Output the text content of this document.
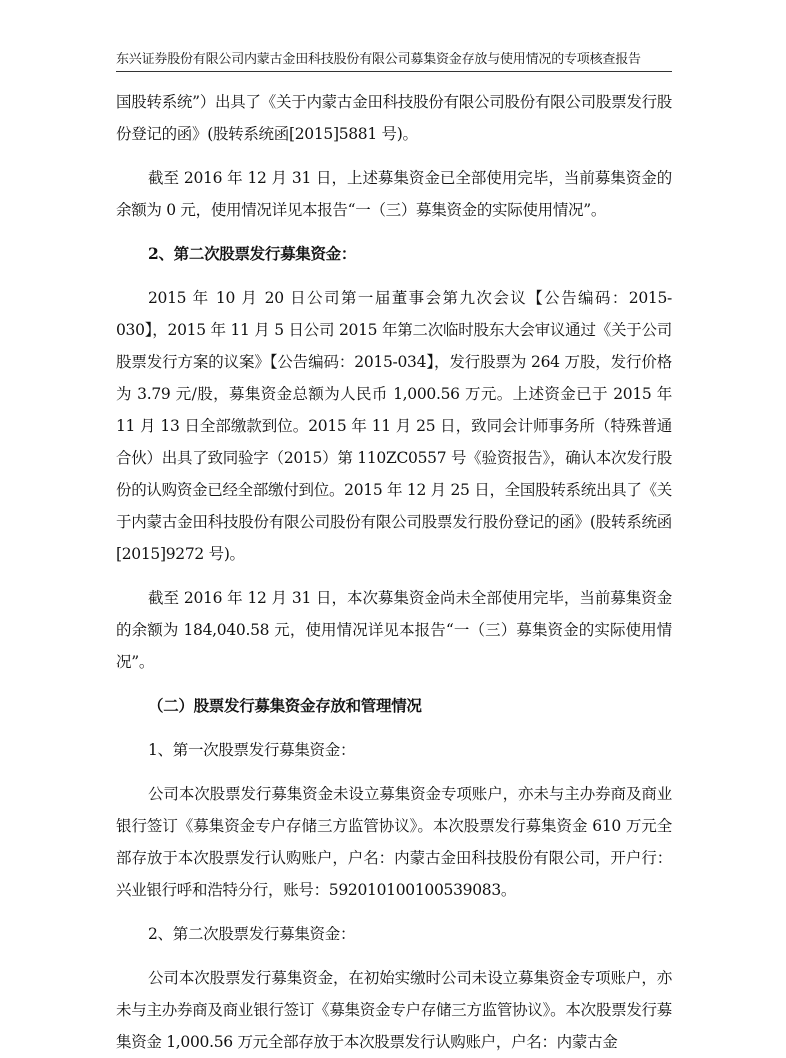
东兴证券股份有限公司内蒙古金田科技股份有限公司募集资金存放与使用情况的专项核查报告

国股转系统”）出具了《关于内蒙古金田科技股份有限公司股份有限公司股票发行股份登记的函》(股转系统函[2015]5881 号)。

截至 2016 年 12 月 31 日，上述募集资金已全部使用完毕，当前募集资金的余额为 0 元，使用情况详见本报告“一（三）募集资金的实际使用情况”。

2、第二次股票发行募集资金：

2015 年 10 月 20 日公司第一届董事会第九次会议【公告编码：2015-030】，2015 年 11 月 5 日公司 2015 年第二次临时股东大会审议通过《关于公司股票发行方案的议案》【公告编码：2015-034】，发行股票为 264 万股，发行价格为 3.79 元/股，募集资金总额为人民币 1,000.56 万元。上述资金已于 2015 年 11 月 13 日全部缴款到位。2015 年 11 月 25 日，致同会计师事务所（特殊普通合伙）出具了致同验字（2015）第 110ZC0557 号《验资报告》，确认本次发行股份的认购资金已经全部缴付到位。2015 年 12 月 25 日，全国股转系统出具了《关于内蒙古金田科技股份有限公司股份有限公司股票发行股份登记的函》(股转系统函[2015]9272 号)。

截至 2016 年 12 月 31 日，本次募集资金尚未全部使用完毕，当前募集资金的余额为 184,040.58 元，使用情况详见本报告“一（三）募集资金的实际使用情况”。

（二）股票发行募集资金存放和管理情况

1、第一次股票发行募集资金：

公司本次股票发行募集资金未设立募集资金专项账户，亦未与主办券商及商业银行签订《募集资金专户存储三方监管协议》。本次股票发行募集资金 610 万元全部存放于本次股票发行认购账户，户名：内蒙古金田科技股份有限公司，开户行：兴业银行呼和浩特分行，账号：592010100100539083。

2、第二次股票发行募集资金：

公司本次股票发行募集资金，在初始实缴时公司未设立募集资金专项账户，亦未与主办券商及商业银行签订《募集资金专户存储三方监管协议》。本次股票发行募集资金 1,000.56 万元全部存放于本次股票发行认购账户，户名：内蒙古金
